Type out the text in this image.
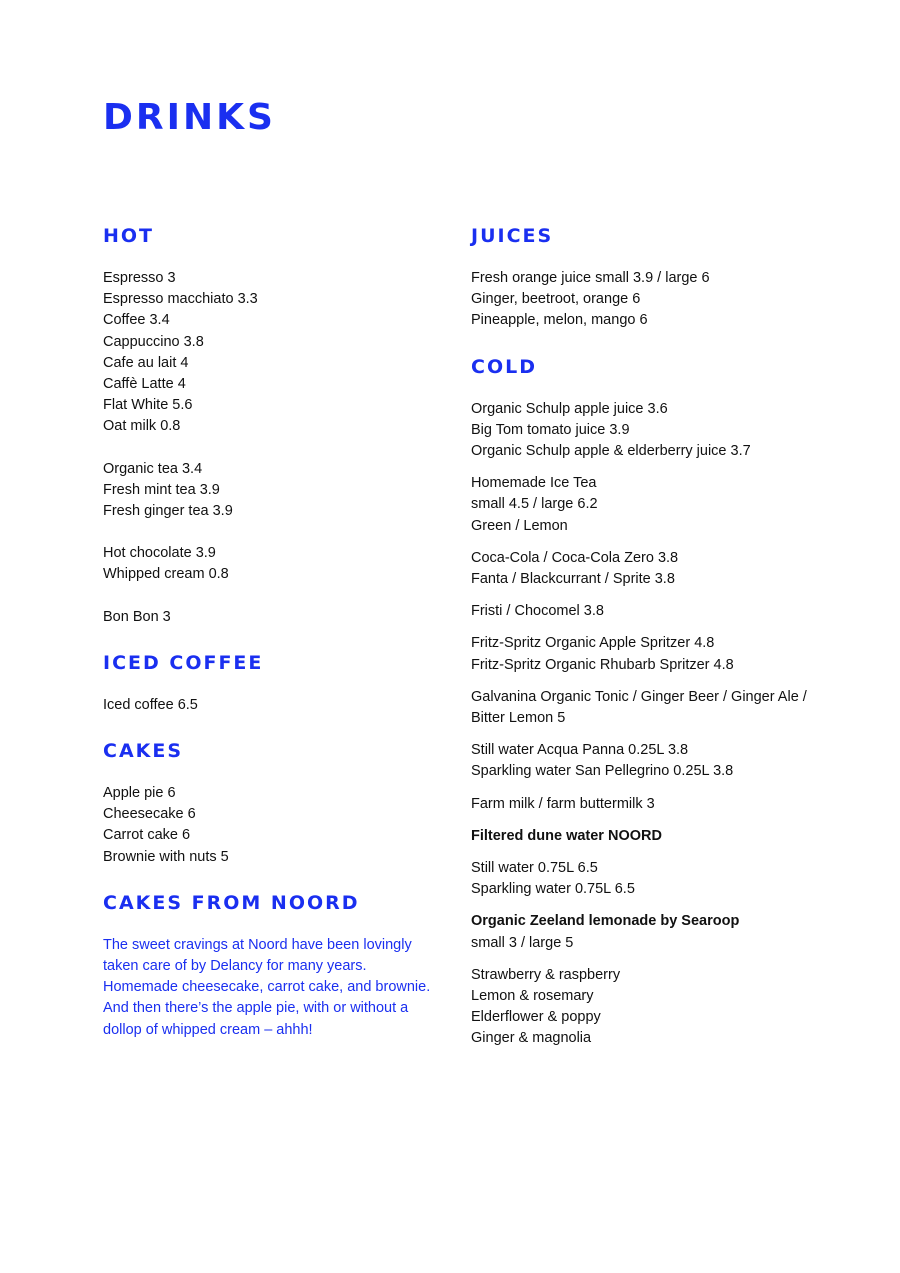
DRINKS
HOT
Espresso 3
Espresso macchiato 3.3
Coffee 3.4
Cappuccino 3.8
Cafe au lait 4
Caffè Latte 4
Flat White 5.6
Oat milk 0.8
Organic tea 3.4
Fresh mint tea 3.9
Fresh ginger tea 3.9
Hot chocolate 3.9
Whipped cream 0.8
Bon Bon 3
ICED COFFEE
Iced coffee 6.5
CAKES
Apple pie 6
Cheesecake 6
Carrot cake 6
Brownie with nuts 5
CAKES FROM NOORD

The sweet cravings at Noord have been lovingly taken care of by Delancy for many years. Homemade cheesecake, carrot cake, and brownie. And then there’s the apple pie, with or without a dollop of whipped cream – ahhh!

JUICES
Fresh orange juice small 3.9 / large 6
Ginger, beetroot, orange 6
Pineapple, melon, mango 6
COLD
Organic Schulp apple juice 3.6
Big Tom tomato juice 3.9
Organic Schulp apple & elderberry juice 3.7
Homemade Ice Tea
small 4.5 / large 6.2
Green / Lemon
Coca-Cola / Coca-Cola Zero 3.8
Fanta / Blackcurrant / Sprite 3.8
Fristi / Chocomel 3.8
Fritz-Spritz Organic Apple Spritzer 4.8
Fritz-Spritz Organic Rhubarb Spritzer 4.8
Galvanina Organic Tonic / Ginger Beer / Ginger Ale / Bitter Lemon 5
Still water Acqua Panna 0.25L 3.8
Sparkling water San Pellegrino 0.25L 3.8
Farm milk / farm buttermilk 3
Filtered dune water NOORD
Still water 0.75L 6.5
Sparkling water 0.75L 6.5
Organic Zeeland lemonade by Searoop
small 3 / large 5
Strawberry & raspberry
Lemon & rosemary
Elderflower & poppy
Ginger & magnolia
